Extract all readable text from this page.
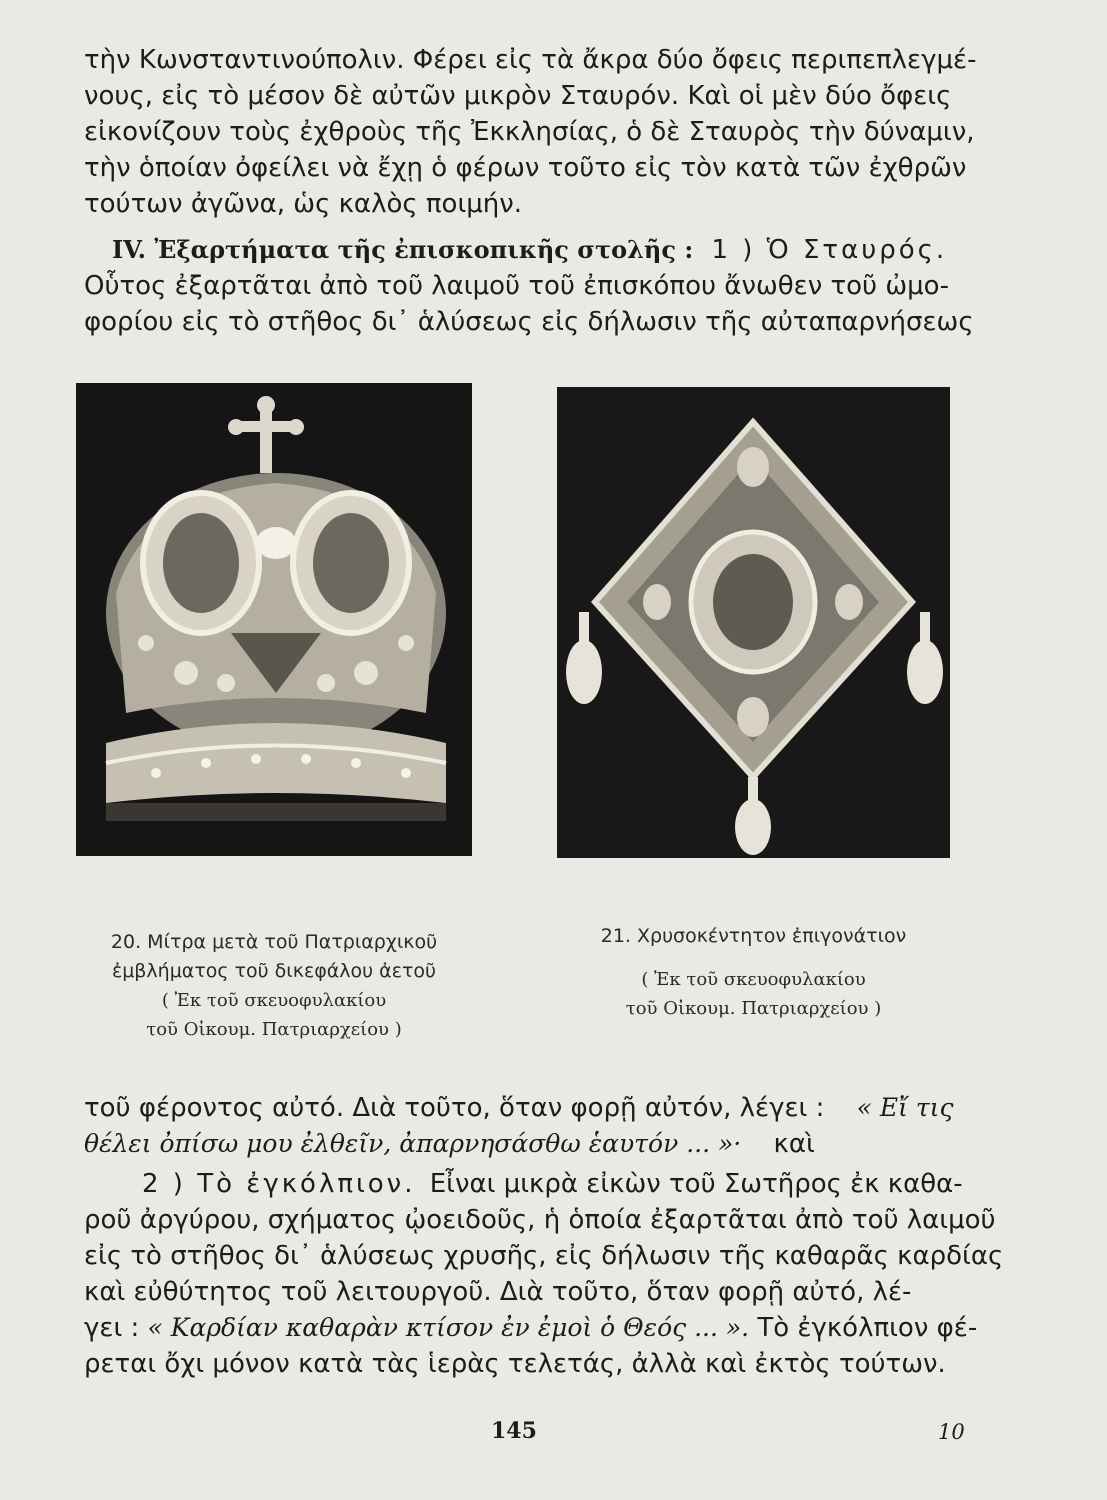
τὴν Κωνσταντινούπολιν. Φέρει εἰς τὰ ἄκρα δύο ὄφεις περιπεπλεγμέ-
νους, εἰς τὸ μέσον δὲ αὐτῶν μικρὸν Σταυρόν. Καὶ οἱ μὲν δύο ὄφεις
εἰκονίζουν τοὺς ἐχθροὺς τῆς Ἐκκλησίας, ὁ δὲ Σταυρὸς τὴν δύναμιν,
τὴν ὁποίαν ὀφείλει νὰ ἔχῃ ὁ φέρων τοῦτο εἰς τὸν κατὰ τῶν ἐχθρῶν
τούτων ἀγῶνα, ὡς καλὸς ποιμήν.

IV. Ἐξαρτήματα τῆς ἐπισκοπικῆς στολῆς : 1 ) Ὁ Σταυρός.
Οὗτος ἐξαρτᾶται ἀπὸ τοῦ λαιμοῦ τοῦ ἐπισκόπου ἄνωθεν τοῦ ὠμο-
φορίου εἰς τὸ στῆθος δι᾽ ἁλύσεως εἰς δήλωσιν τῆς αὐταπαρνήσεως

20. Μίτρα μετὰ τοῦ Πατριαρχικοῦ
ἐμβλήματος τοῦ δικεφάλου ἀετοῦ
( Ἐκ τοῦ σκευοφυλακίου
τοῦ Οἰκουμ. Πατριαρχείου )

21. Χρυσοκέντητον ἐπιγονάτιον
( Ἐκ τοῦ σκευοφυλακίου
τοῦ Οἰκουμ. Πατριαρχείου )

τοῦ φέροντος αὐτό. Διὰ τοῦτο, ὅταν φορῇ αὐτόν, λέγει : « Εἴ τις
θέλει ὀπίσω μου ἐλθεῖν, ἀπαρνησάσθω ἑαυτόν ... »· καὶ

2 ) Τὸ ἐγκόλπιον. Εἶναι μικρὰ εἰκὼν τοῦ Σωτῆρος ἐκ καθα-
ροῦ ἀργύρου, σχήματος ᾠοειδοῦς, ἡ ὁποία ἐξαρτᾶται ἀπὸ τοῦ λαιμοῦ
εἰς τὸ στῆθος δι᾽ ἁλύσεως χρυσῆς, εἰς δήλωσιν τῆς καθαρᾶς καρδίας
καὶ εὐθύτητος τοῦ λειτουργοῦ. Διὰ τοῦτο, ὅταν φορῇ αὐτό, λέ-
γει : « Καρδίαν καθαρὰν κτίσον ἐν ἐμοὶ ὁ Θεός ... ». Τὸ ἐγκόλπιον φέ-
ρεται ὄχι μόνον κατὰ τὰς ἱερὰς τελετάς, ἀλλὰ καὶ ἐκτὸς τούτων.

145	10
